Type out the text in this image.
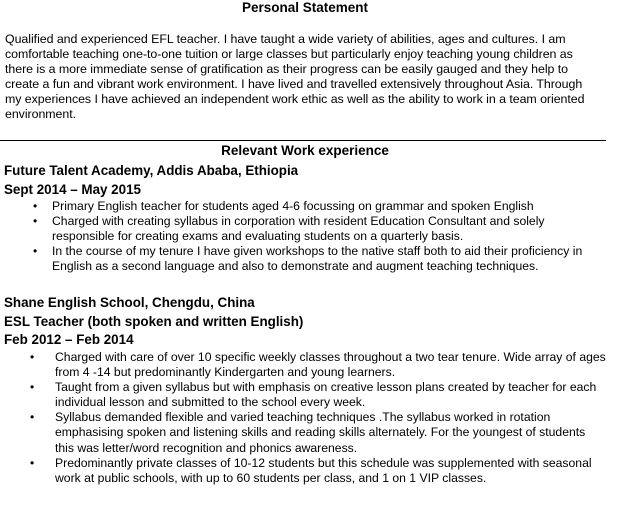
Personal Statement

Qualified and experienced EFL teacher. I have taught a wide variety of abilities, ages and cultures. I am comfortable teaching one-to-one tuition or large classes but particularly enjoy teaching young children as there is a more immediate sense of gratification as their progress can be easily gauged and they help to create a fun and vibrant work environment. I have lived and travelled extensively throughout Asia. Through my experiences I have achieved an independent work ethic as well as the ability to work in a team oriented environment.

Relevant Work experience
Future Talent Academy, Addis Ababa, Ethiopia
Sept 2014 – May 2015
• Primary English teacher for students aged 4-6 focussing on grammar and spoken English
• Charged with creating syllabus in corporation with resident Education Consultant and solely responsible for creating exams and evaluating students on a quarterly basis.
• In the course of my tenure I have given workshops to the native staff both to aid their proficiency in English as a second language and also to demonstrate and augment teaching techniques.
Shane English School, Chengdu, China
ESL Teacher (both spoken and written English)
Feb 2012 – Feb 2014
• Charged with care of over 10 specific weekly classes throughout a two tear tenure. Wide array of ages from 4 -14 but predominantly Kindergarten and young learners.
• Taught from a given syllabus but with emphasis on creative lesson plans created by teacher for each individual lesson and submitted to the school every week.
• Syllabus demanded flexible and varied teaching techniques .The syllabus worked in rotation emphasising spoken and listening skills and reading skills alternately. For the youngest of students this was letter/word recognition and phonics awareness.
• Predominantly private classes of 10-12 students but this schedule was supplemented with seasonal work at public schools, with up to 60 students per class, and 1 on 1 VIP classes.
